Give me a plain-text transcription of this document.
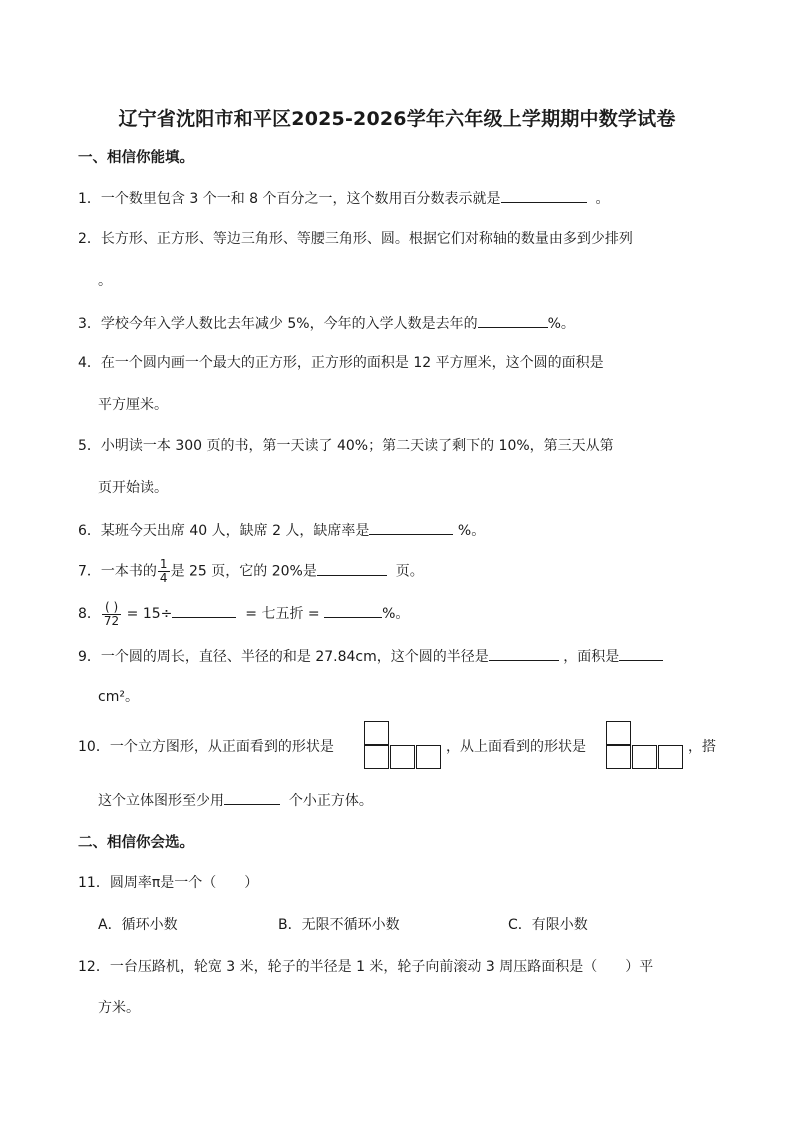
辽宁省沈阳市和平区2025-2026学年六年级上学期期中数学试卷
一、相信你能填。
1．一个数里包含 3 个一和 8 个百分之一，这个数用百分数表示就是	。
2．长方形、正方形、等边三角形、等腰三角形、圆。根据它们对称轴的数量由多到少排列
。
3．学校今年入学人数比去年减少 5%，今年的入学人数是去年的	%。
4．在一个圆内画一个最大的正方形，正方形的面积是 12 平方厘米，这个圆的面积是
平方厘米。
5．小明读一本 300 页的书，第一天读了 40%；第二天读了剩下的 10%，第三天从第
页开始读。
6．某班今天出席 40 人，缺席 2 人，缺席率是	%。
7．一本书的 $\frac{1}{4}$ 是 25 页，它的 20%是	页。
8． $\frac{( )}{72} = 15\div$	= 七五折 =	%。
9．一个圆的周长，直径、半径的和是 27.84cm，这个圆的半径是	，面积是
cm²。
10．一个立方图形，从正面看到的形状是	，从上面看到的形状是	，搭
这个立体图形至少用	个小正方体。
二、相信你会选。
11．圆周率π是一个（　　）
A．循环小数	B．无限不循环小数	C．有限小数
12．一台压路机，轮宽 3 米，轮子的半径是 1 米，轮子向前滚动 3 周压路面积是（　　）平
方米。
